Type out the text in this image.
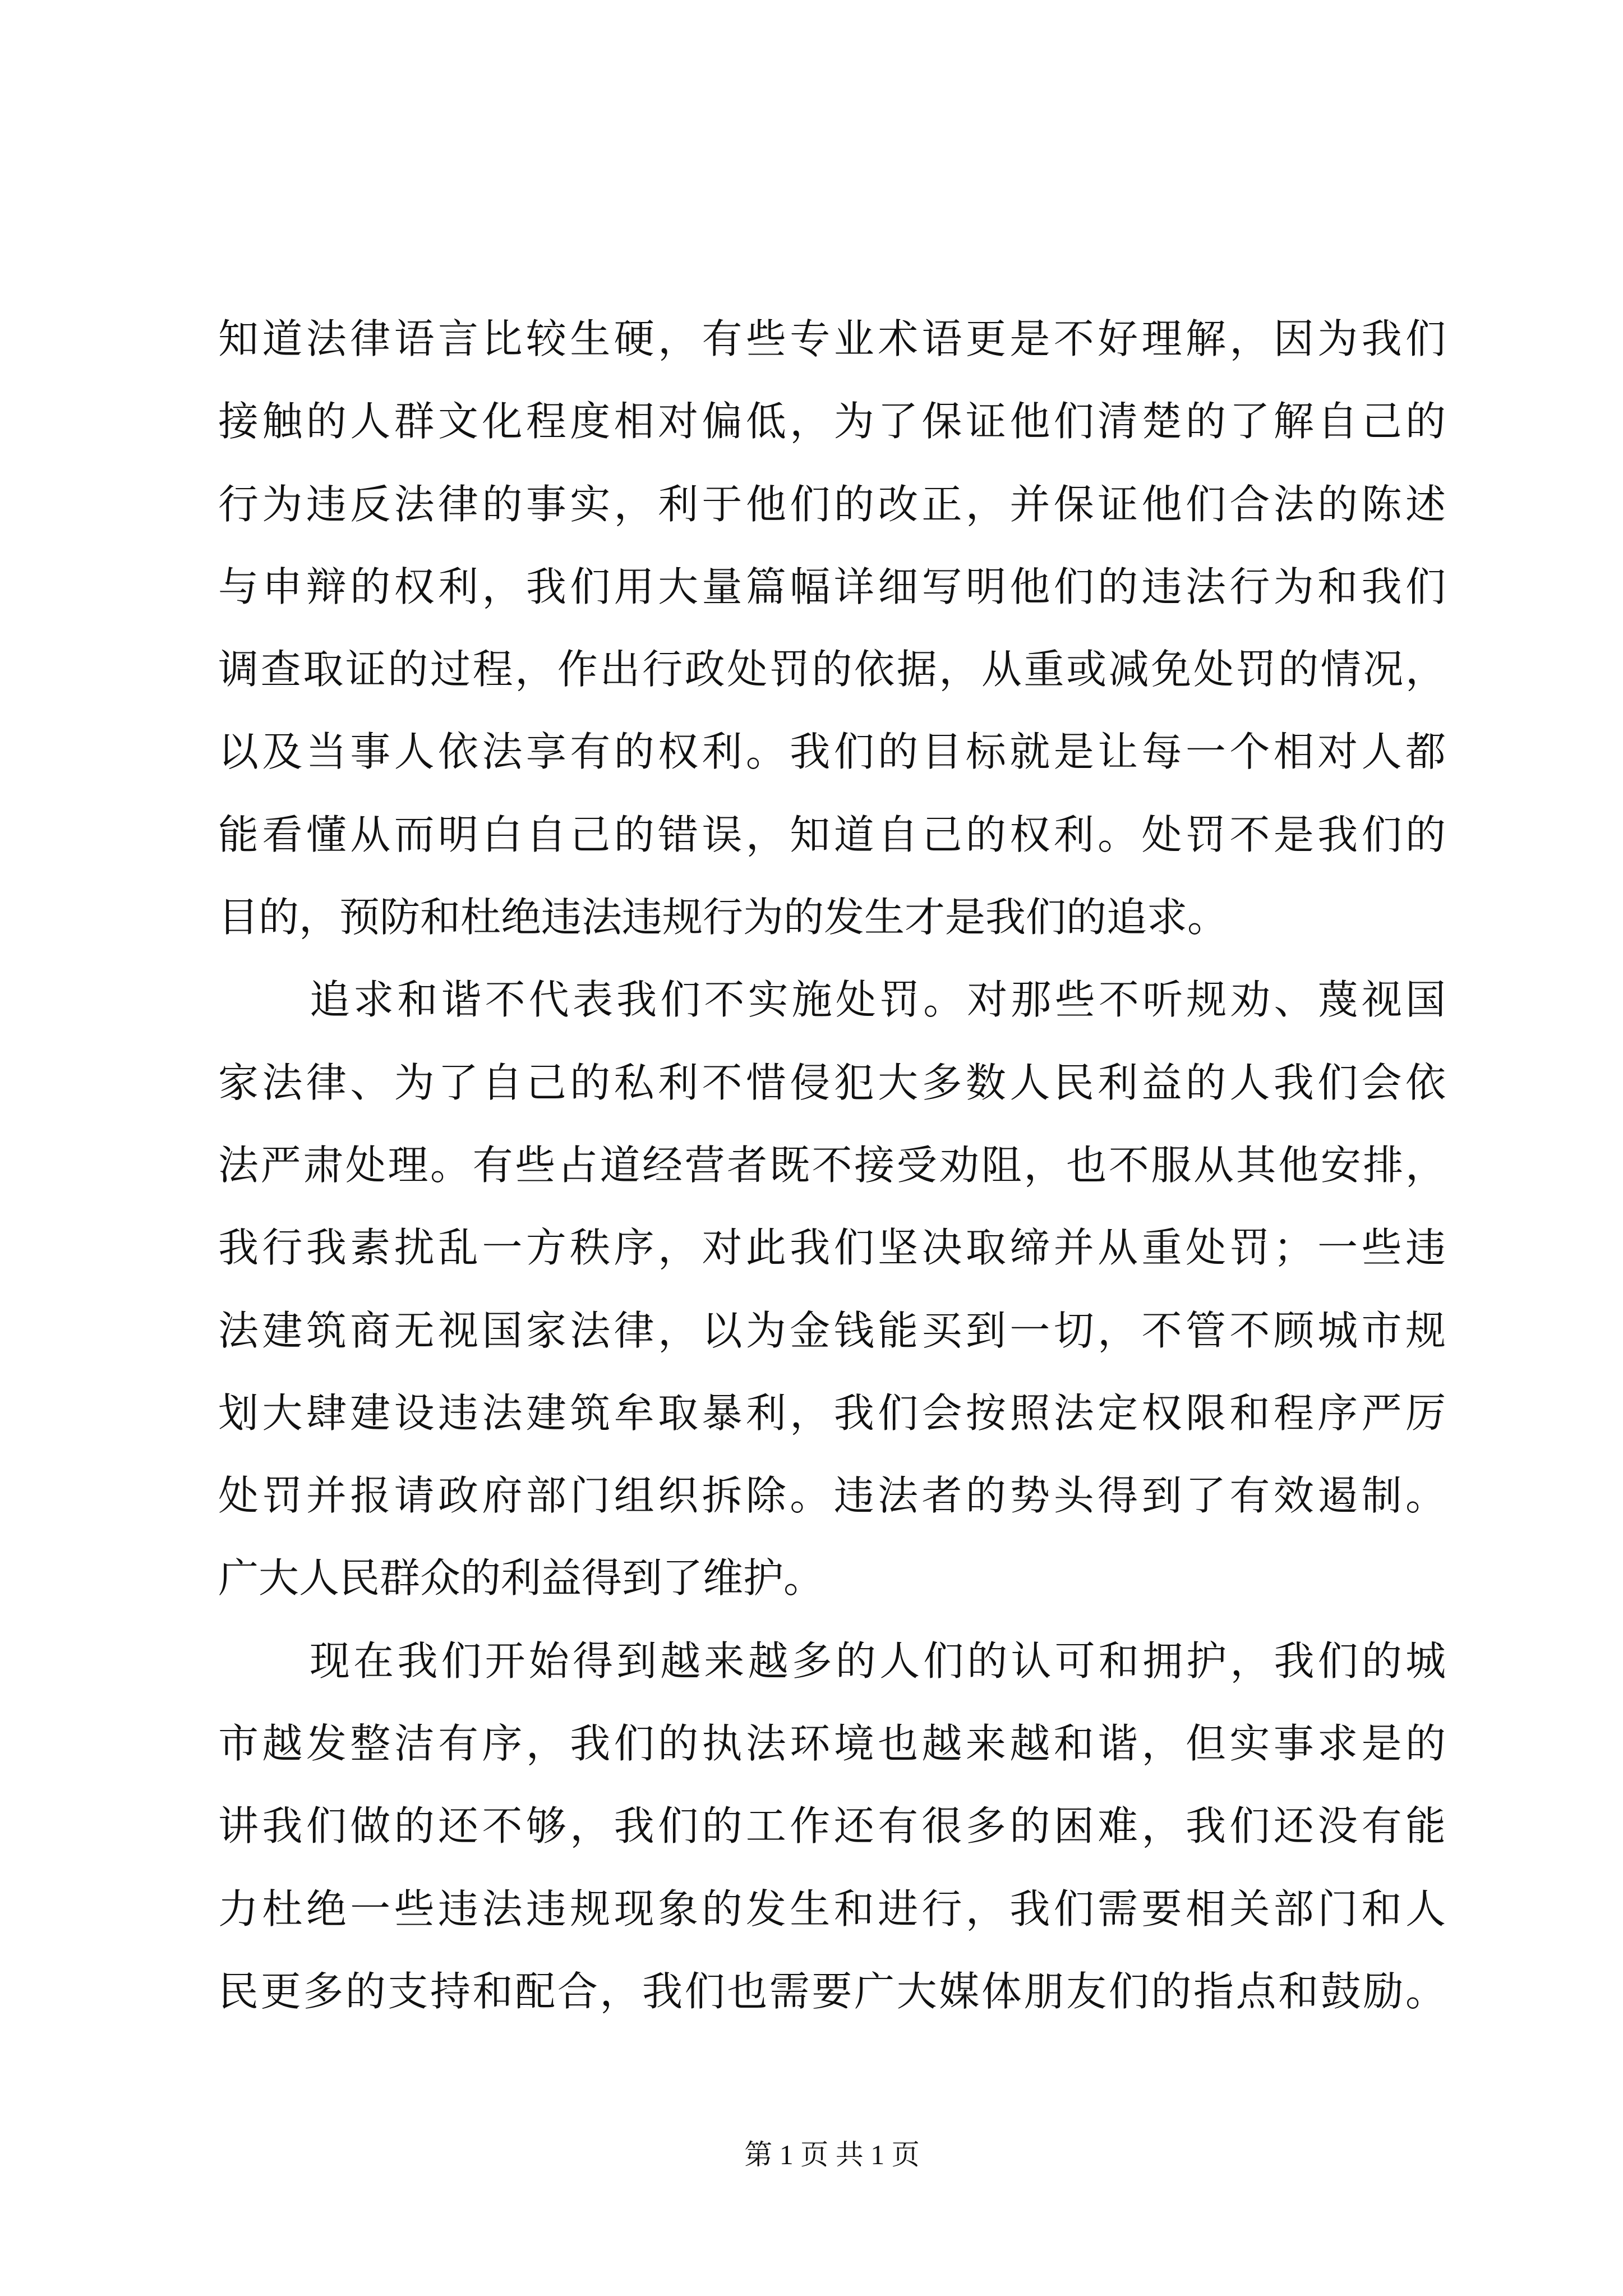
知道法律语言比较生硬，有些专业术语更是不好理解，因为我们
接触的人群文化程度相对偏低，为了保证他们清楚的了解自己的
行为违反法律的事实，利于他们的改正，并保证他们合法的陈述
与申辩的权利，我们用大量篇幅详细写明他们的违法行为和我们
调查取证的过程，作出行政处罚的依据，从重或减免处罚的情况，
以及当事人依法享有的权利。我们的目标就是让每一个相对人都
能看懂从而明白自己的错误，知道自己的权利。处罚不是我们的
目的，预防和杜绝违法违规行为的发生才是我们的追求。
追求和谐不代表我们不实施处罚。对那些不听规劝、蔑视国
家法律、为了自己的私利不惜侵犯大多数人民利益的人我们会依
法严肃处理。有些占道经营者既不接受劝阻，也不服从其他安排，
我行我素扰乱一方秩序，对此我们坚决取缔并从重处罚；一些违
法建筑商无视国家法律，以为金钱能买到一切，不管不顾城市规
划大肆建设违法建筑牟取暴利，我们会按照法定权限和程序严厉
处罚并报请政府部门组织拆除。违法者的势头得到了有效遏制。
广大人民群众的利益得到了维护。
现在我们开始得到越来越多的人们的认可和拥护，我们的城
市越发整洁有序，我们的执法环境也越来越和谐，但实事求是的
讲我们做的还不够，我们的工作还有很多的困难，我们还没有能
力杜绝一些违法违规现象的发生和进行，我们需要相关部门和人
民更多的支持和配合，我们也需要广大媒体朋友们的指点和鼓励。
第 1 页 共 1 页
